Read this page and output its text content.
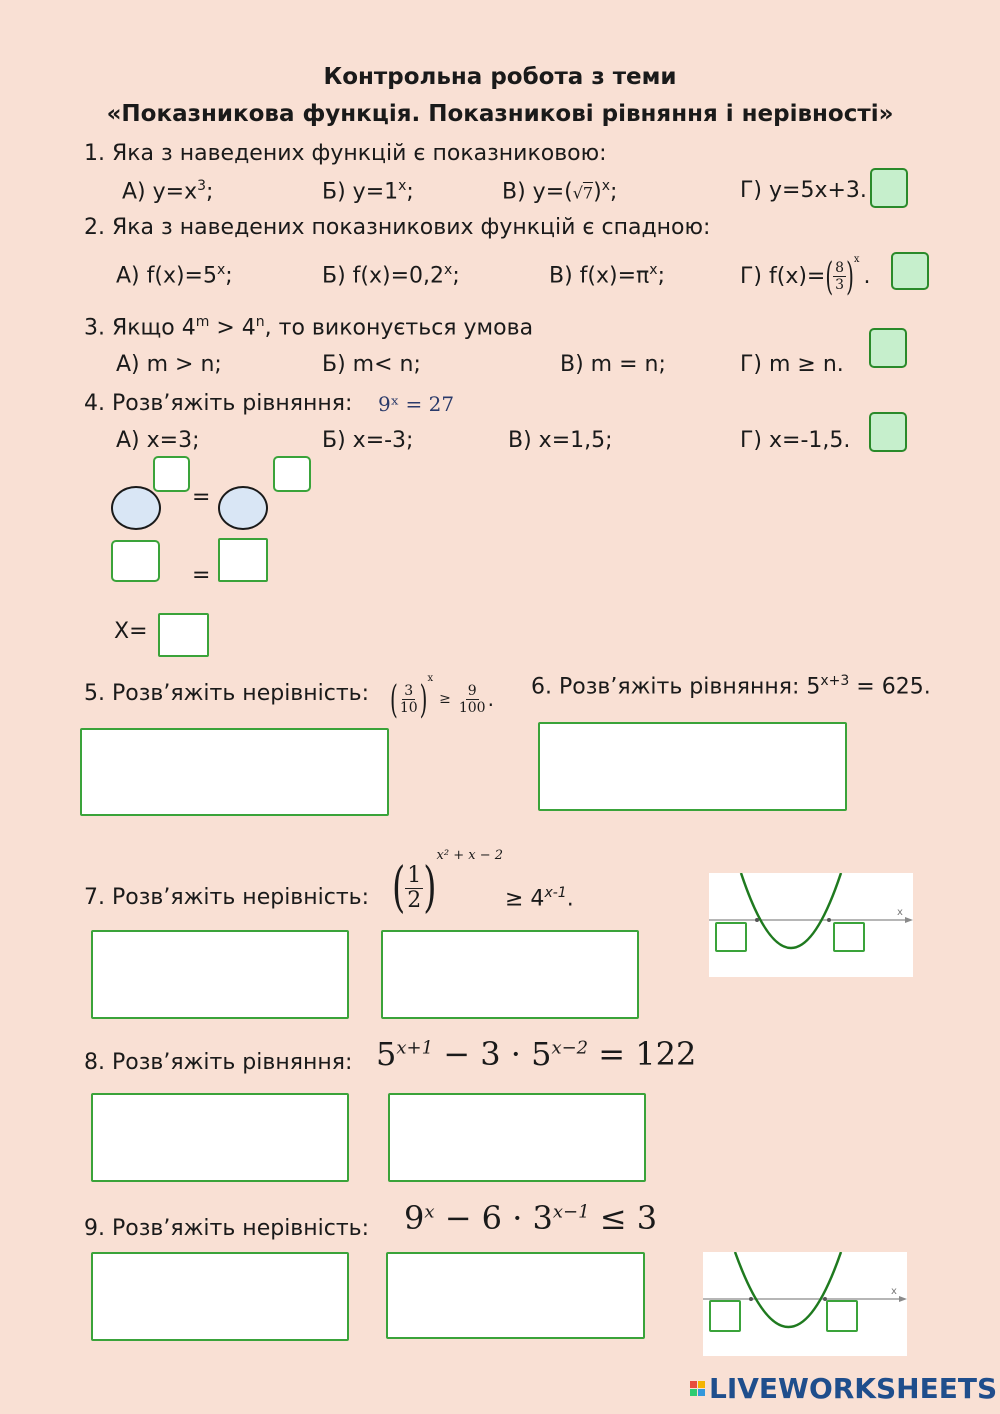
Контрольна робота з теми
«Показникова функція. Показникові рівняння і нерівності»
1. Яка з наведених функцій є показниковою:
А) $y=x^3$;	Б) $y=1^x$;	В) $y=(√7)^x$;	Г) y=5x+3.
2. Яка з наведених показникових функцій є спадною:
А) $f(x)=5^x$;	Б) $f(x)=0,2^x$;	В) $f(x)=\pi^x$;	Г) f(x)= ( $\frac{8}{3} )^x$
.
3. Якщо $4^m > 4^n$, то виконується умова
А) m > n;	Б) m< n;	В) m = n;	Г) m ≥ n.
4. Розв’яжіть рівняння: 9ˣ = 27
А) x=3;	Б) x=-3;	В) x=1,5;	Г) x=-1,5.
=
=
X=
5. Розв’яжіть нерівність: ( $\frac{3}{10} )^x$
≥ $\frac{9}{100}$ . 6. Розв’яжіть рівняння: $5^{x+3} = 625$.
7. Розв’яжіть нерівність: ( $\frac{1}{2}$ )
$^{x^2 + x - 2}$
≥ $4^{x-1}$.
x
8. Розв’яжіть рівняння: $5^{x+1} - 3 \cdot 5^{x-2} = 122$
9. Розв’яжіть нерівність: $9^x - 6 \cdot 3^{x-1} \le 3$
x
LIVEWORKSHEETS
